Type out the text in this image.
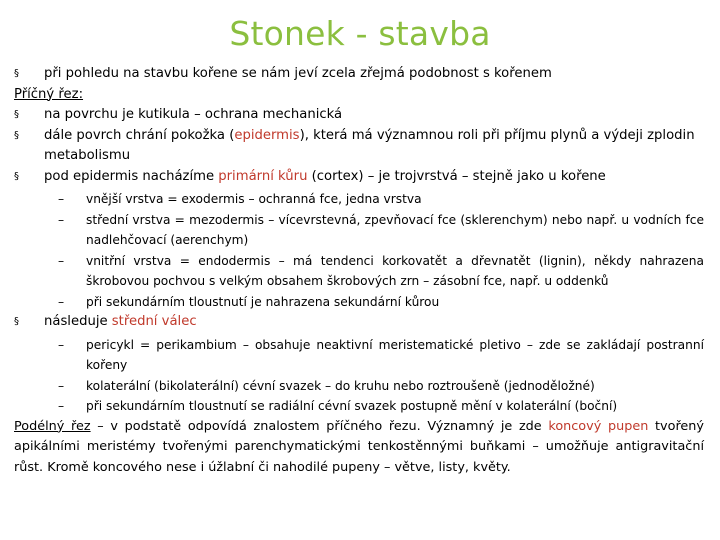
Stonek - stavba
§ při pohledu na stavbu kořene se nám jeví zcela zřejmá podobnost s kořenem
Příčný řez:
§ na povrchu je kutikula – ochrana mechanická
§ dále povrch chrání pokožka (epidermis), která má významnou roli při příjmu plynů a výdeji zplodin metabolismu
§ pod epidermis nacházíme primární kůru (cortex) – je trojvrstvá – stejně jako u kořene
– vnější vrstva = exodermis – ochranná fce, jedna vrstva
– střední vrstva = mezodermis – vícevrstevná, zpevňovací fce (sklerenchym) nebo např. u vodních fce nadlehčovací (aerenchym)
– vnitřní vrstva = endodermis – má tendenci korkovatět a dřevnatět (lignin), někdy nahrazena škrobovou pochvou s velkým obsahem škrobových zrn – zásobní fce, např. u oddenků
– při sekundárním tloustnutí je nahrazena sekundární kůrou
§ následuje střední válec
– pericykl = perikambium – obsahuje neaktivní meristematické pletivo – zde se zakládají postranní kořeny
– kolaterální (bikolaterální) cévní svazek – do kruhu nebo roztroušeně (jednoděložné)
– při sekundárním tloustnutí se radiální cévní svazek postupně mění v kolaterální (boční)
Podélný řez – v podstatě odpovídá znalostem příčného řezu. Významný je zde koncový pupen tvořený apikálními meristémy tvořenými parenchymatickými tenkostěnnými buňkami – umožňuje antigravitační růst. Kromě koncového nese i úžlabní či nahodilé pupeny – větve, listy, květy.
